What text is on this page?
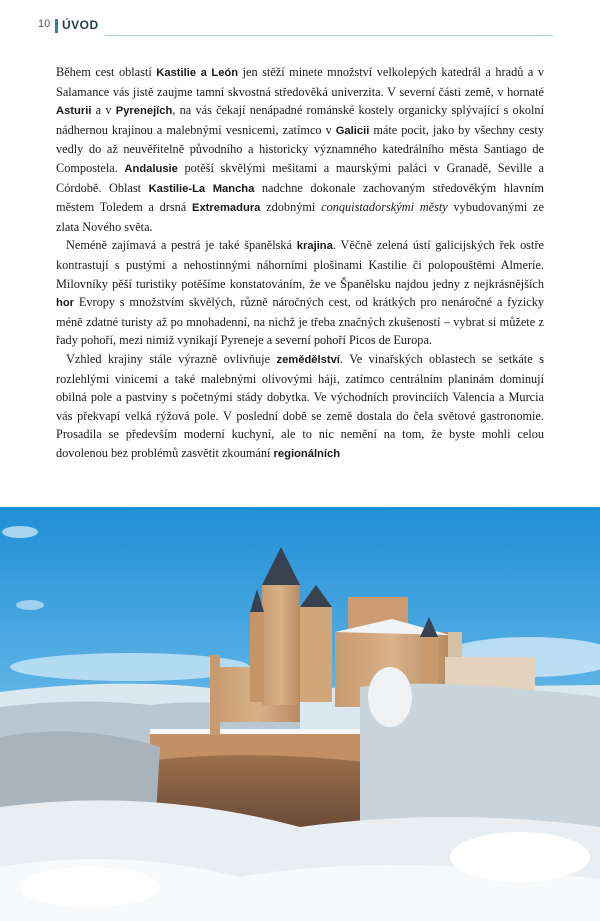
10 ÚVOD

Během cest oblastí Kastilie a León jen stěží minete množství velkolepých katedrál a hradů a v Salamance vás jistě zaujme tamní skvostná středověká univerzita. V severní části země, v hornaté Asturii a v Pyrenejích, na vás čekají nenápadné románské kostely organicky splývající s okolní nádhernou krajinou a malebnými vesnicemi, zatímco v Galicii máte pocit, jako by všechny cesty vedly do až neuvěřitelně původního a historicky významného katedrálního města Santiago de Compostela. Andalusie potěší skvělými mešitami a maurskými paláci v Granadě, Seville a Córdobě. Oblast Kastilie-La Mancha nadchne dokonale zachovaným středověkým hlavním městem Toledem a drsná Extremadura zdobnými conquistadorskými městy vybudovanými ze zlata Nového světa.

Neméně zajímavá a pestrá je také španělská krajina. Věčně zelená ústí galicijských řek ostře kontrastují s pustými a nehostinnými náhorními plošinami Kastilie či polopouštěmi Almeríe. Milovníky pěší turistiky potěšíme konstatováním, že ve Španělsku najdou jedny z nejkrásnějších hor Evropy s množstvím skvělých, různě náročných cest, od krátkých pro nenáročné a fyzicky méně zdatné turisty až po mnohadenní, na nichž je třeba značných zkušeností – vybrat si můžete z řady pohoří, mezi nimiž vynikají Pyreneje a severní pohoří Picos de Europa.

Vzhled krajiny stále výrazně ovlivňuje zemědělství. Ve vinařských oblastech se setkáte s rozlehlými vinicemi a také malebnými olivovými háji, zatímco centrálním planinám dominují obilná pole a pastviny s početnými stády dobytka. Ve východních provinciích Valencia a Murcia vás překvapí velká rýžová pole. V poslední době se země dostala do čela světové gastronomie. Prosadila se především moderní kuchyní, ale to nic nemění na tom, že byste mohli celou dovolenou bez problémů zasvětit zkoumání regionálních
